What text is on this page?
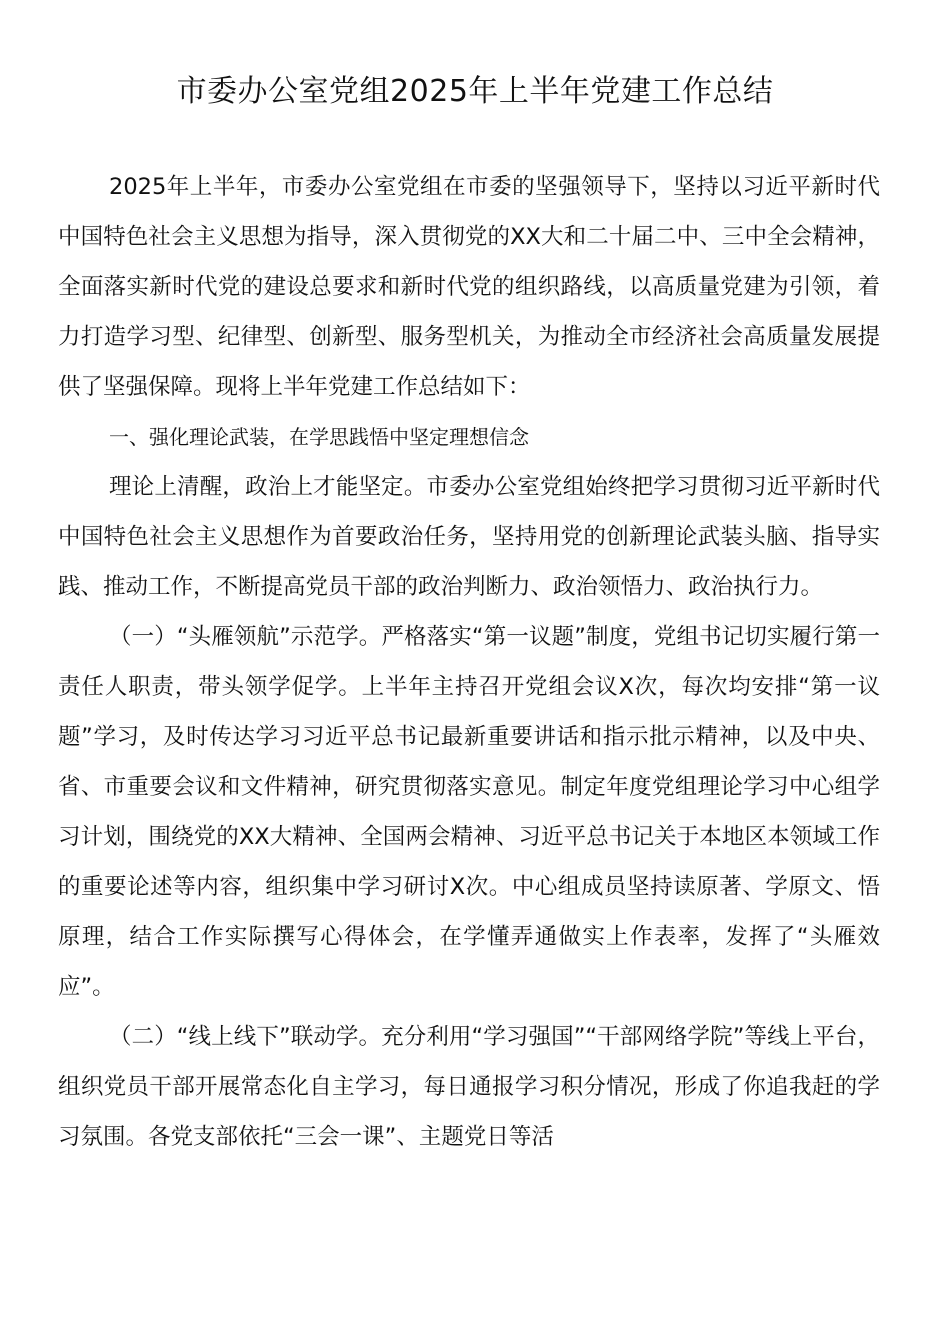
市委办公室党组2025年上半年党建工作总结

2025年上半年，市委办公室党组在市委的坚强领导下，坚持以习近平新时代中国特色社会主义思想为指导，深入贯彻党的XX大和二十届二中、三中全会精神，全面落实新时代党的建设总要求和新时代党的组织路线，以高质量党建为引领，着力打造学习型、纪律型、创新型、服务型机关，为推动全市经济社会高质量发展提供了坚强保障。现将上半年党建工作总结如下：

一、强化理论武装，在学思践悟中坚定理想信念

理论上清醒，政治上才能坚定。市委办公室党组始终把学习贯彻习近平新时代中国特色社会主义思想作为首要政治任务，坚持用党的创新理论武装头脑、指导实践、推动工作，不断提高党员干部的政治判断力、政治领悟力、政治执行力。

（一）“头雁领航”示范学。严格落实“第一议题”制度，党组书记切实履行第一责任人职责，带头领学促学。上半年主持召开党组会议X次，每次均安排“第一议题”学习，及时传达学习习近平总书记最新重要讲话和指示批示精神，以及中央、省、市重要会议和文件精神，研究贯彻落实意见。制定年度党组理论学习中心组学习计划，围绕党的XX大精神、全国两会精神、习近平总书记关于本地区本领域工作的重要论述等内容，组织集中学习研讨X次。中心组成员坚持读原著、学原文、悟原理，结合工作实际撰写心得体会，在学懂弄通做实上作表率，发挥了“头雁效应”。

（二）“线上线下”联动学。充分利用“学习强国”“干部网络学院”等线上平台，组织党员干部开展常态化自主学习，每日通报学习积分情况，形成了你追我赶的学习氛围。各党支部依托“三会一课”、主题党日等活
